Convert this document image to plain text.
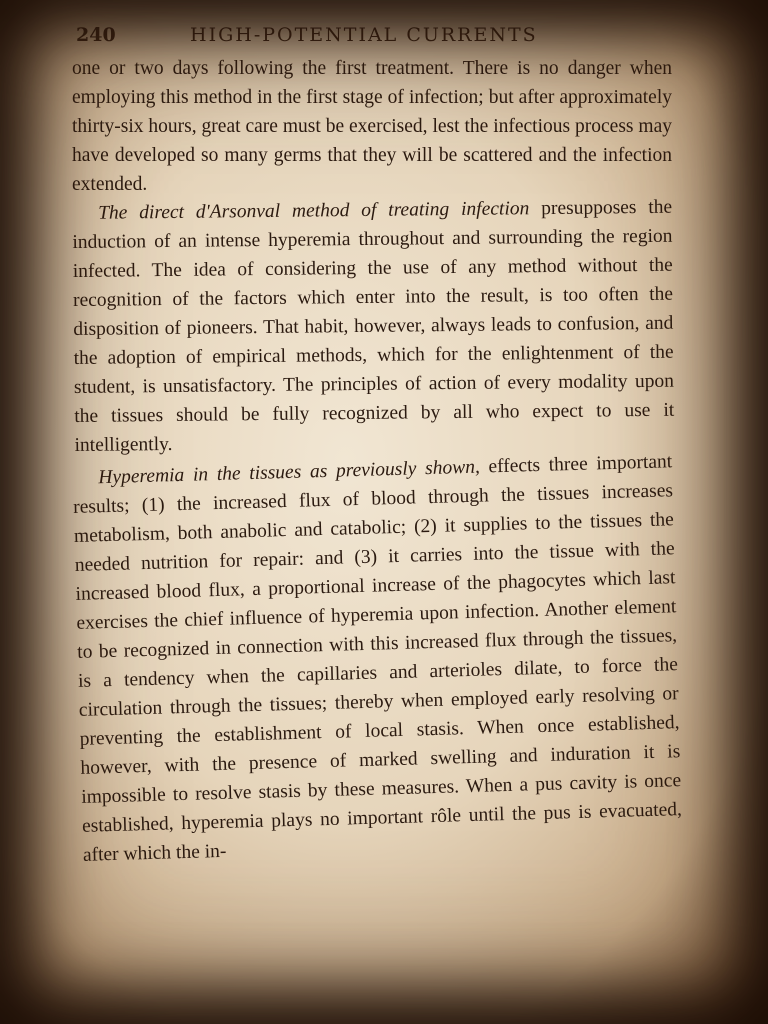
240	HIGH-POTENTIAL CURRENTS

one or two days following the first treatment. There is no danger when employing this method in the first stage of infection; but after approximately thirty-six hours, great care must be exercised, lest the infectious process may have developed so many germs that they will be scattered and the infection extended.

The direct d'Arsonval method of treating infection presupposes the induction of an intense hyperemia throughout and surrounding the region infected. The idea of considering the use of any method without the recognition of the factors which enter into the result, is too often the disposition of pioneers. That habit, however, always leads to confusion, and the adoption of empirical methods, which for the enlightenment of the student, is unsatisfactory. The principles of action of every modality upon the tissues should be fully recognized by all who expect to use it intelligently.

Hyperemia in the tissues as previously shown, effects three important results; (1) the increased flux of blood through the tissues increases metabolism, both anabolic and catabolic; (2) it supplies to the tissues the needed nutrition for repair: and (3) it carries into the tissue with the increased blood flux, a proportional increase of the phagocytes which last exercises the chief influence of hyperemia upon infection. Another element to be recognized in connection with this increased flux through the tissues, is a tendency when the capillaries and arterioles dilate, to force the circulation through the tissues; thereby when employed early resolving or preventing the establishment of local stasis. When once established, however, with the presence of marked swelling and induration it is impossible to resolve stasis by these measures. When a pus cavity is once established, hyperemia plays no important rôle until the pus is evacuated, after which the in-
